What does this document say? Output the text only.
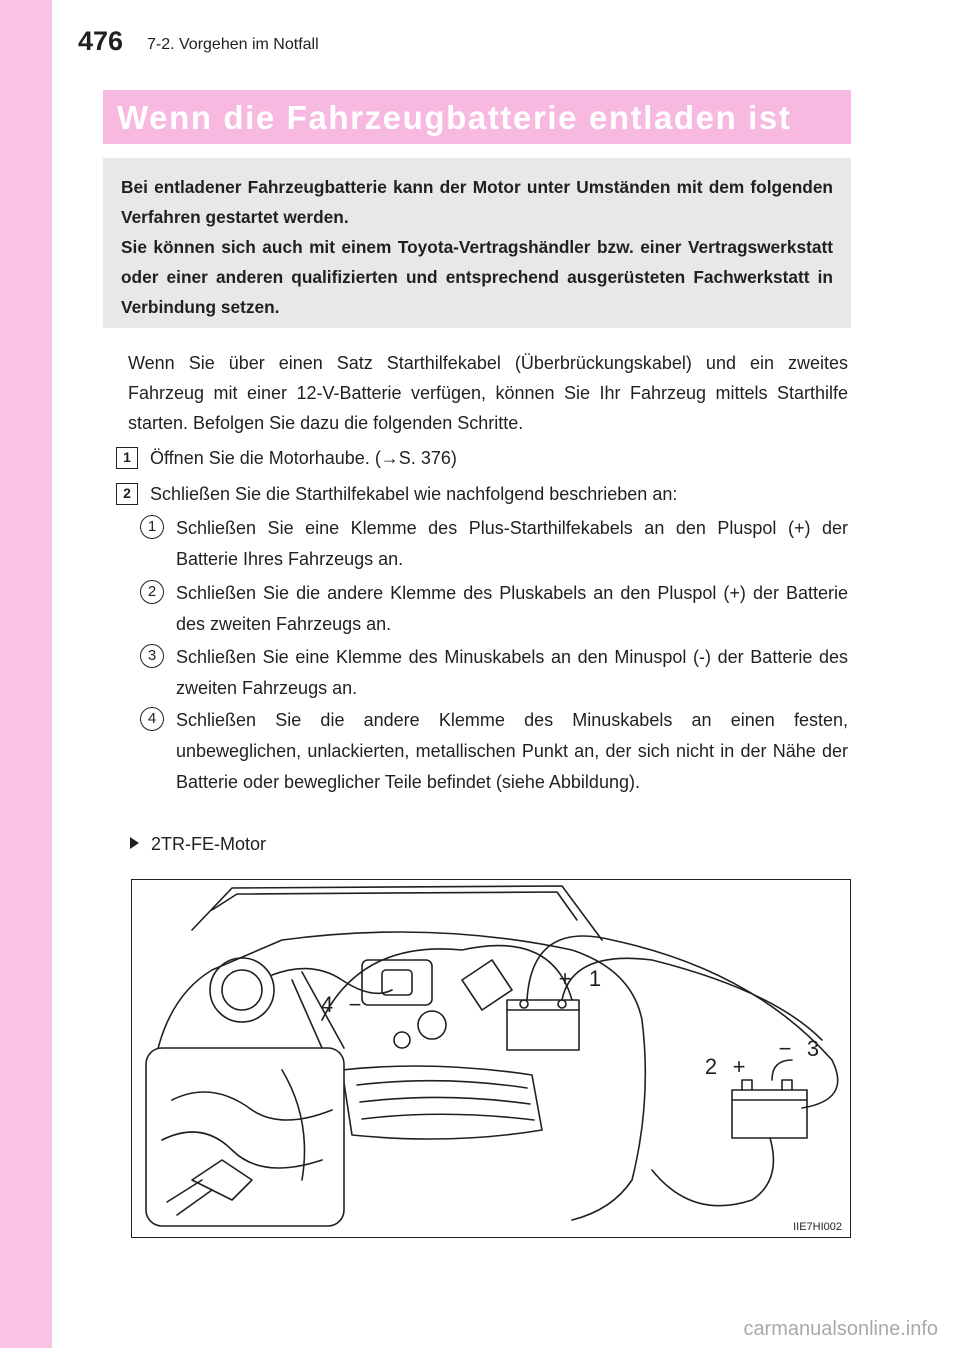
476 7-2. Vorgehen im Notfall
Wenn die Fahrzeugbatterie entladen ist

Bei entladener Fahrzeugbatterie kann der Motor unter Umständen mit dem folgenden Verfahren gestartet werden.

Sie können sich auch mit einem Toyota-Vertragshändler bzw. einer Vertragswerkstatt oder einer anderen qualifizierten und entsprechend ausgerüsteten Fachwerkstatt in Verbindung setzen.

Wenn Sie über einen Satz Starthilfekabel (Überbrückungskabel) und ein zweites Fahrzeug mit einer 12-V-Batterie verfügen, können Sie Ihr Fahrzeug mittels Starthilfe starten. Befolgen Sie dazu die folgenden Schritte.
1	Öffnen Sie die Motorhaube. (→S. 376)
2	Schließen Sie die Starthilfekabel wie nachfolgend beschrieben an:
1	Schließen Sie eine Klemme des Plus-Starthilfekabels an den Pluspol (+) der Batterie Ihres Fahrzeugs an.
2	Schließen Sie die andere Klemme des Pluskabels an den Pluspol (+) der Batterie des zweiten Fahrzeugs an.
3	Schließen Sie eine Klemme des Minuskabels an den Minuspol (-) der Batterie des zweiten Fahrzeugs an.
4	Schließen Sie die andere Klemme des Minuskabels an einen festen, unbeweglichen, unlackierten, metallischen Punkt an, der sich nicht in der Nähe der Batterie oder beweglicher Teile befindet (siehe Abbildung).
2TR-FE-Motor
+ 1
4 −
2 +
− 3
IIE7HI002
carmanualsonline.info
